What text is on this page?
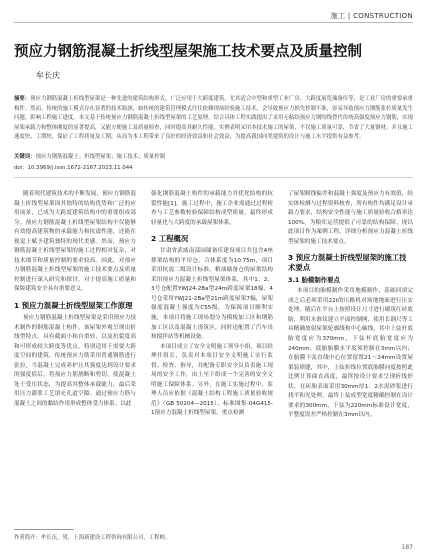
施工 | CONSTRUCTION
预应力钢筋混凝土折线型屋架施工技术要点及质量控制
牟长庆
摘要：预应力钢筋混凝土折线型屋架是一种先进的建筑结构形式，广泛应用于大跨度建筑，尤其适合中型和重型工业厂房、大跨度展览储备库等，是工业厂房的重要承重构件。然而，传统的施工模式存在显著的技术瓶颈，如传统的建筑管理模式往往依赖现场经验施工技术，会导致预应力损失控制不准，容易导致预应力钢筋张拉质量发生问题，影响工程施工进度。本文基于传统预应力钢筋混凝土折线型屋架的工艺原理，结合具体工程实践提出了采用无粘结预应力钢绞线替代传统高强度预应力钢筋，实现屋架承载力和整体刚度的显著提高，又能方便施工及质量检查，同时提高其耐久性能。实例表明采用本技术施工的屋架，不仅施工质量可靠，节省了大量钢材，并且施工速度快、工期短，保证了工程质量及工期，从而为本工程带来了良好的经济效益和社会效益，为提高我国同类建筑的设计与施工水平提供有益参考。
关键词：预应力钢筋混凝土；折线型屋架；施工技术；质量控制
doi：10.3969/j.issn.1672-2167.2023.11.044

随着现代建筑技术的不断发展，预应力钢筋混凝土折线型屋架因其独特的结构优势和广泛的应用前景，已成为大跨度建筑结构中的重要组成部分。预应力钢筋混凝土折线型屋架结构不仅能够有效提高建筑物的承载能力和抗震性能，还能在视觉上赋予建筑独特的现代美感。然而，预应力钢筋混凝土折线型屋架的施工过程相对复杂，对技术细节和质量控制的要求较高。因此，对预应力钢筋混凝土折线型屋架的施工技术要点及质量控制进行深入研究和探讨，对于提高施工质量和保障建筑安全具有重要意义。

1 预应力混凝土折线型屋架工作原理

预应力钢筋混凝土折线型屋架是采用预应力技术制作的钢筋混凝土构件。该屋架外观呈现出折线型特点，具有截面小和自重轻，以及抗裂度高和可形成较大跨度等优点，特别适用于需要大跨度空间的建筑。传统预应力筋采用普通钢筋进行张拉，当混凝土完成养护且其强度达到设计要求的强度值后，将预应力筋割断和剪切，使混凝土处于受压状态，为提高其整体承载能力，最后采用压力灌浆工艺填充孔道空隙。通过预应力筋与混凝土之间的黏结作用形成整体受力体系。以此

强化钢筋混凝土构件的承载能力并优化结构的抗裂性能[1]。施工过程中，施工企业需通过过程检查与工艺参数校验保障结构成型质量，最终形成轻量化与大跨度的承载屋架体系。

2 工程概况

甘肃省武威南部园储备库建设项目共包含4座排架结构的平房仓，合体系度为10.75m，项目采用抗震二级设计标准。粮油储备仓的屋架结构采用预应力混凝土折线型屋架体系，其中1、2、3号仓配置YWJ24-2Ba型24m跨度屋架18榀，4号仓采用YWJ21-2Ba型21m跨度屋架7榀，屋架强度混凝土强度为C55级。为保障项目顺利实施，本项目将施工现场划分为模板加工区和钢筋加工区以及混凝土浇筑区，同时还配置了汽车吊和搅拌站等机械设备。

本项目成立了安全文明施工领导小组，项目经理任组长，负责对本项目安全文明施工实行监督、检查、指导，并配备专职安全员负责施工现场的安全工作，由上至下组成一个完善的安全文明施工保障体系。另外，在施工实施过程中，监理人员应依据《混凝土结构工程施工质量验收规范》（GB 50204—2015）、标准图集-04G415-1预应力混凝土折线型屋架，重点检测

了屋架制线偏差和混凝土强度及预应力有效值，经实体检测与过程资料核查，所有构件均满足设计承载力要求，结构安全性能与施工质量验收合格率达100%，为粮库运营提供了可靠的结构保障。现以此项目作为案例工程，详细分析预应力混凝土折线型屋架的施工技术要点。

3 预应力混凝土折线型屋架的施工技术要点
3.1 胎模制作要点

本项目的胎模制作采用地模制作，基础回填完成之后必须采用22t的压路机对场地地面进行压实处理。随后在平台上按照设计尺寸进行砌筑红砖底胎，利用水准仪建立平面控制网，使用长钢尺等工具精确放射屋架轮廓线和中心轴线，其中上弦杆底胎宽度应为370mm，下弦杆底胎宽度应为240mm，底胎胎膜水平度须控制在3mm以内；在胎膜下弦直线中心位置留置21～24mm设置屋架装填缝，其中，上弦折线位置底胎膜向度按照此比例计算曲直高度，最终按设计要求呈现折线形状。在砖胎表面采用30mm厚1：2水泥砂浆进行找平和光处理，最终上弦成型宽度精确控制在设计要求的300mm，下弦为220mm标准设计宽度，平整度误差严格控制在3mm以内。

作者简介：牟长庆，男，上海新建设工程咨询有限公司，工程师。
187
